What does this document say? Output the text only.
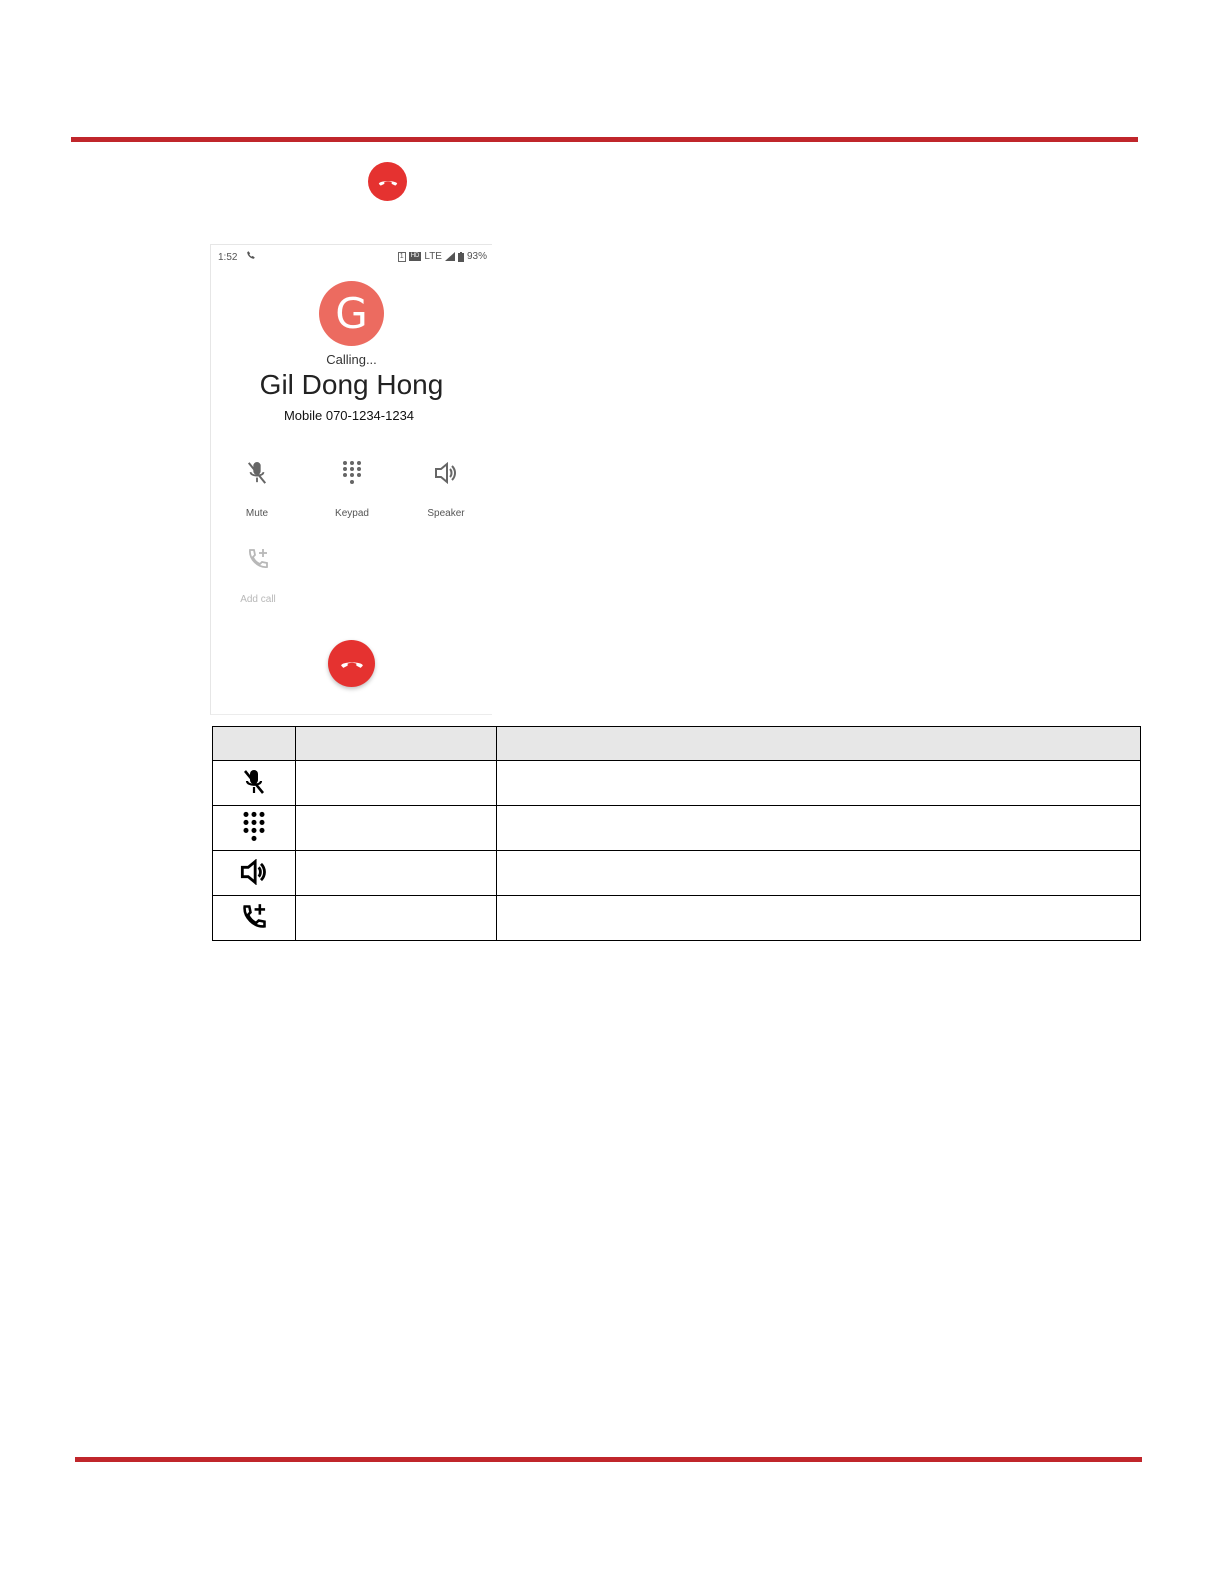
1:52	1	HD LTE	93%
G
Calling...
Gil Dong Hong
Mobile 070-1234-1234
Mute	Keypad	Speaker
Add call
